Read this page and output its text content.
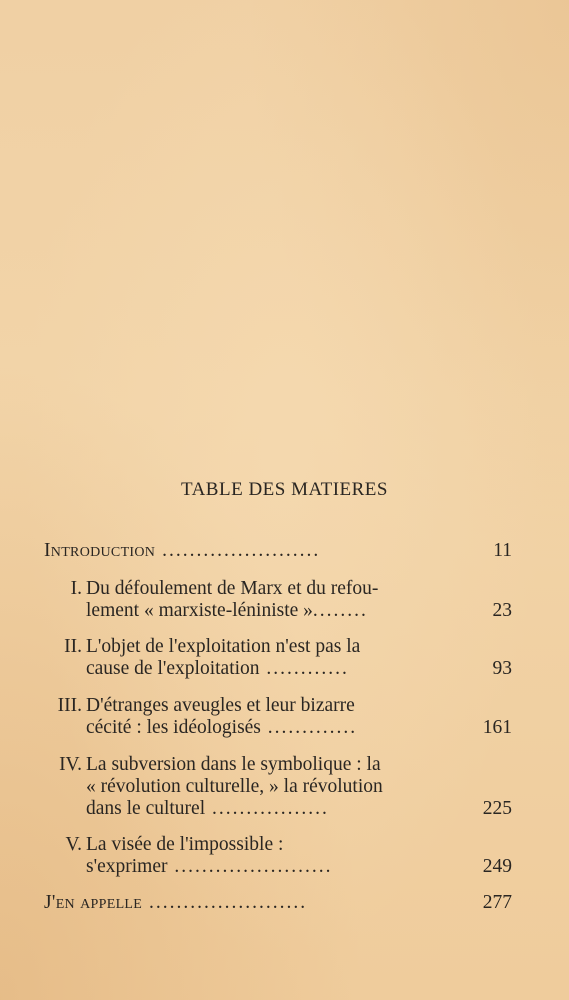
TABLE DES MATIERES
Introduction .......................	11
I. Du défoulement de Marx et du refou-
lement « marxiste-léniniste »........	23
II. L'objet de l'exploitation n'est pas la
cause de l'exploitation ............	93
III. D'étranges aveugles et leur bizarre
cécité : les idéologisés .............	161
IV. La subversion dans le symbolique : la
« révolution culturelle, » la révolution
dans le culturel .................	225
V. La visée de l'impossible :
s'exprimer .......................	249
J'en appelle .......................	277
